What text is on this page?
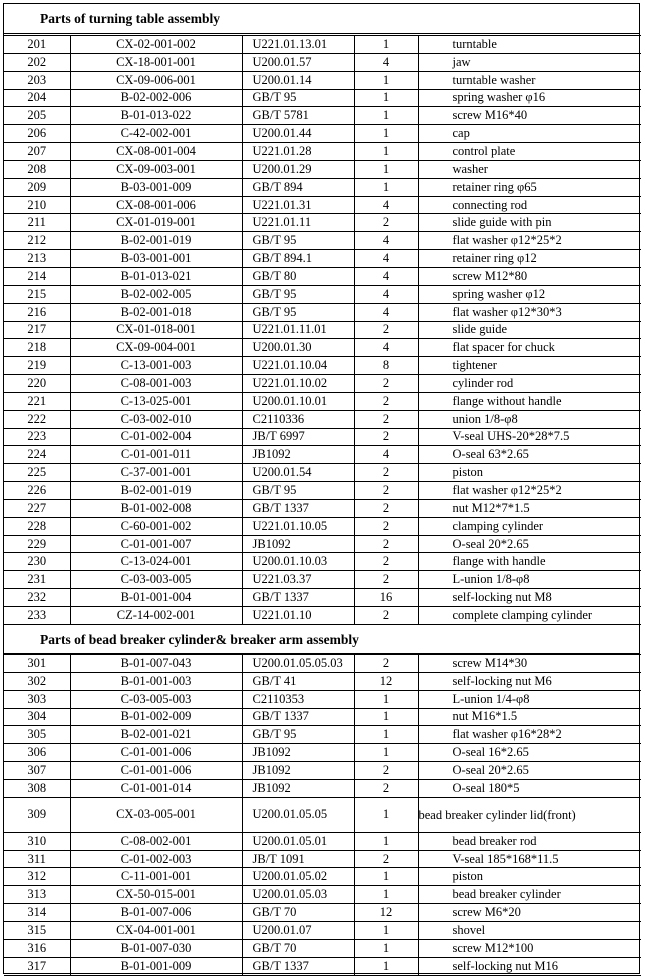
Parts of turning table assembly
201	CX-02-001-002	U221.01.13.01	1	turntable
202	CX-18-001-001	U200.01.57	4	jaw
203	CX-09-006-001	U200.01.14	1	turntable washer
204	B-02-002-006	GB/T 95	1	spring washer φ16
205	B-01-013-022	GB/T 5781	1	screw M16*40
206	C-42-002-001	U200.01.44	1	cap
207	CX-08-001-004	U221.01.28	1	control plate
208	CX-09-003-001	U200.01.29	1	washer
209	B-03-001-009	GB/T 894	1	retainer ring φ65
210	CX-08-001-006	U221.01.31	4	connecting rod
211	CX-01-019-001	U221.01.11	2	slide guide with pin
212	B-02-001-019	GB/T 95	4	flat washer φ12*25*2
213	B-03-001-001	GB/T 894.1	4	retainer ring φ12
214	B-01-013-021	GB/T 80	4	screw M12*80
215	B-02-002-005	GB/T 95	4	spring washer φ12
216	B-02-001-018	GB/T 95	4	flat washer φ12*30*3
217	CX-01-018-001	U221.01.11.01	2	slide guide
218	CX-09-004-001	U200.01.30	4	flat spacer for chuck
219	C-13-001-003	U221.01.10.04	8	tightener
220	C-08-001-003	U221.01.10.02	2	cylinder rod
221	C-13-025-001	U200.01.10.01	2	flange without handle
222	C-03-002-010	C2110336	2	union 1/8-φ8
223	C-01-002-004	JB/T 6997	2	V-seal UHS-20*28*7.5
224	C-01-001-011	JB1092	4	O-seal 63*2.65
225	C-37-001-001	U200.01.54	2	piston
226	B-02-001-019	GB/T 95	2	flat washer φ12*25*2
227	B-01-002-008	GB/T 1337	2	nut M12*7*1.5
228	C-60-001-002	U221.01.10.05	2	clamping cylinder
229	C-01-001-007	JB1092	2	O-seal 20*2.65
230	C-13-024-001	U200.01.10.03	2	flange with handle
231	C-03-003-005	U221.03.37	2	L-union 1/8-φ8
232	B-01-001-004	GB/T 1337	16	self-locking nut M8
233	CZ-14-002-001	U221.01.10	2	complete clamping cylinder
Parts of bead breaker cylinder& breaker arm assembly
301	B-01-007-043	U200.01.05.05.03	2	screw M14*30
302	B-01-001-003	GB/T 41	12	self-locking nut M6
303	C-03-005-003	C2110353	1	L-union 1/4-φ8
304	B-01-002-009	GB/T 1337	1	nut M16*1.5
305	B-02-001-021	GB/T 95	1	flat washer φ16*28*2
306	C-01-001-006	JB1092	1	O-seal 16*2.65
307	C-01-001-006	JB1092	2	O-seal 20*2.65
308	C-01-001-014	JB1092	2	O-seal 180*5
309	CX-03-005-001	U200.01.05.05	1	bead breaker cylinder lid(front)
310	C-08-002-001	U200.01.05.01	1	bead breaker rod
311	C-01-002-003	JB/T 1091	2	V-seal 185*168*11.5
312	C-11-001-001	U200.01.05.02	1	piston
313	CX-50-015-001	U200.01.05.03	1	bead breaker cylinder
314	B-01-007-006	GB/T 70	12	screw M6*20
315	CX-04-001-001	U200.01.07	1	shovel
316	B-01-007-030	GB/T 70	1	screw M12*100
317	B-01-001-009	GB/T 1337	1	self-locking nut M16
